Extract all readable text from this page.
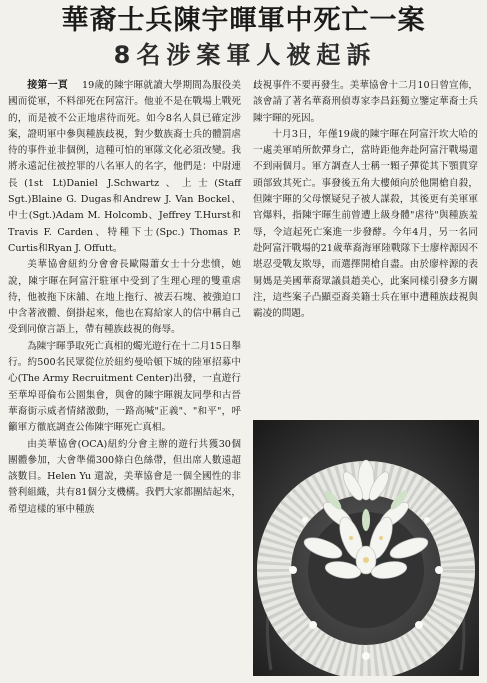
華裔士兵陳宇暉軍中死亡一案
8名涉案軍人被起訴

接第一頁 19歲的陳宇暉就讀大學期間為服役美國而從軍，不料卻死在阿富汗。他並不是在戰場上戰死的，而是被不公正地虐待而死。如今8名人員已確定涉案，證明軍中參與種族歧視，對少數族裔士兵的體罰虐待的事件並非個例，這種可怕的軍隊文化必須改變。我將永遠記住被控罪的八名軍人的名字，他們是：中尉連長(1st Lt)Daniel J.Schwartz、上士(Staff Sgt.)Blaine G. Dugas和Andrew J. Van Bockel、中士(Sgt.)Adam M. Holcomb、Jeffrey T.Hurst和Travis F. Carden、特種下士(Spc.) Thomas P. Curtis和Ryan J. Offutt。

美華協會紐約分會會長歐陽蕭女士十分悲憤，她說，陳宇暉在阿富汗駐軍中受到了生理心理的雙重虐待，他被拖下床舖、在地上拖行、被丟石塊、被強迫口中含著液體、倒掛起來，他也在寫給家人的信中稱自己受到同僚言語上，帶有種族歧視的侮辱。

為陳宇暉爭取死亡真相的燭光遊行在十二月15日舉行。約500名民眾從位於紐約曼哈頓下城的陸軍招募中心(The Army Recruitment Center)出發，一直遊行至華埠哥倫布公園集會，與會的陳宇暉親友同學和古晉華裔街示威者情緒激動，一路高喊"正義"、"和平"，呼籲軍方徹底調查公佈陳宇暉死亡真相。

由美華協會(OCA)紐約分會主辦的遊行共獲30個團體參加，大會準備300條白色絲帶，但出席人數遠超該數目。Helen Yu 還說，美華協會是一個全國性的非營利組織，共有81個分支機構。我們大家都團結起來，希望這樣的軍中種族

歧視事件不要再發生。美華協會十二月10日曾宣佈，該會請了著名華裔刑偵專家李昌鈺獨立鑒定華裔士兵陳宇暉的死因。

十月3日，年僅19歲的陳宇暉在阿富汗坎大哈的一處美軍哨所飲彈身亡，當時距他奔赴阿富汗戰場還不到兩個月。軍方調查人士稱一顆子彈從其下顎貫穿頭部致其死亡。事發後五角大樓傾向於他開槍自殺，但陳宇暉的父母懷疑兒子被人謀殺，其後更有美軍軍官爆料，指陳宇暉生前曾遭上級身體"虐待"與種族羞辱，令這起死亡案進一步發酵。今年4月，另一名同赴阿富汗戰場的21歲華裔海軍陸戰隊下士廖梓源因不堪忍受戰友欺辱，而選擇開槍自盡。由於廖梓源的表舅媽是美國華裔眾議員趙美心，此案同樣引發多方關注，這些案子凸顯亞裔美籍士兵在軍中遭種族歧視與霸凌的問題。
